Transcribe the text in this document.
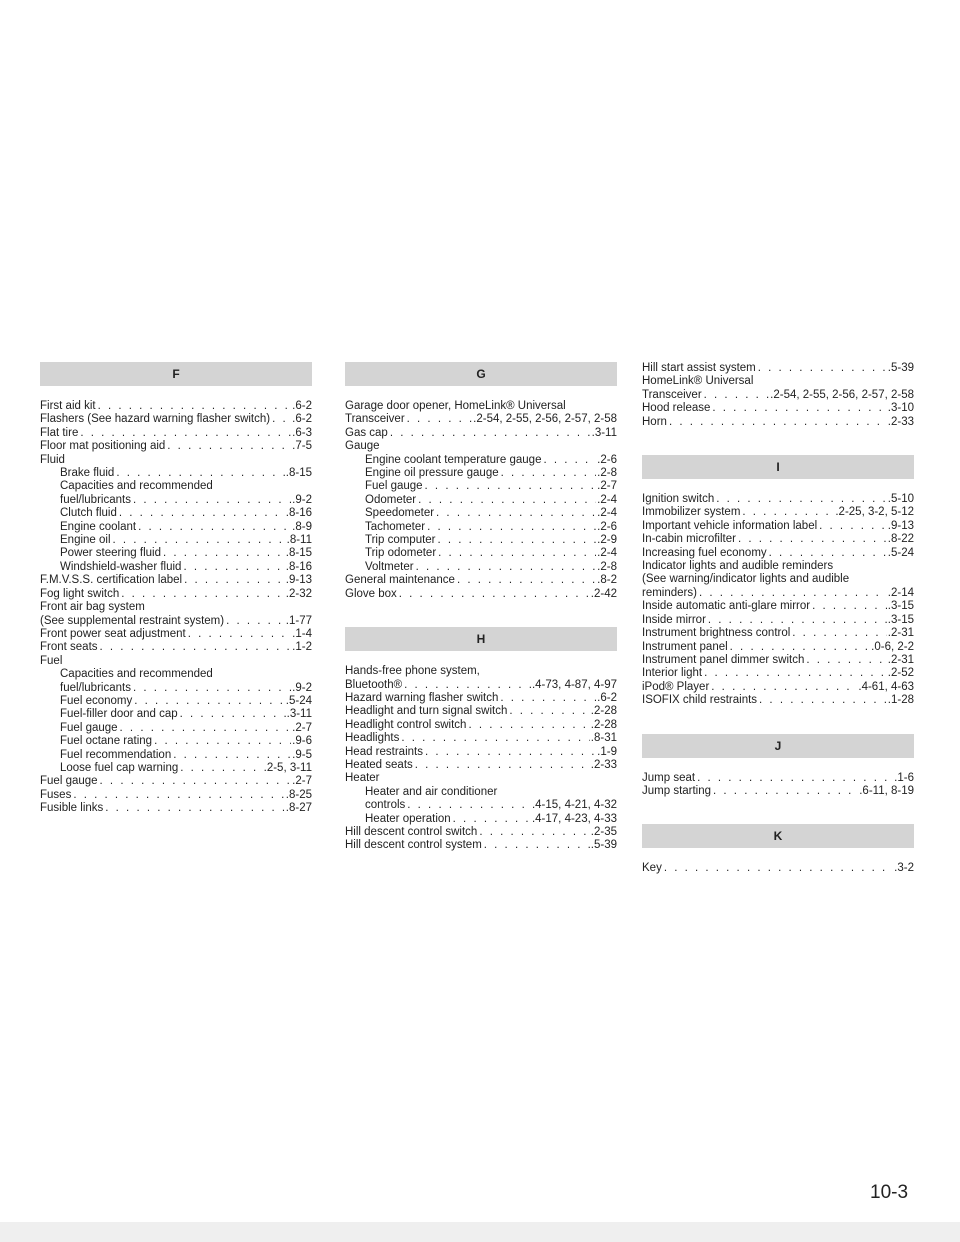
F
First aid kit . . .	.6-2
Flashers (See hazard warning flasher switch) . . . .6-2
Flat tire . . .	.6-3
Floor mat positioning aid . . .	.7-5
Fluid
Brake fluid . . .	.8-15
Capacities and recommended
fuel/lubricants . . .	.9-2
Clutch fluid . . .	.8-16
Engine coolant . . .	.8-9
Engine oil . . .	.8-11
Power steering fluid . . .	.8-15
Windshield-washer fluid . . .	.8-16
F.M.V.S.S. certification label . . .	.9-13
Fog light switch . . .	.2-32
Front air bag system
(See supplemental restraint system) . . .	.1-77
Front power seat adjustment . . .	.1-4
Front seats . . .	.1-2
Fuel
Capacities and recommended
fuel/lubricants . . .	.9-2
Fuel economy . . .	.5-24
Fuel-filler door and cap . . .	.3-11
Fuel gauge . . .	.2-7
Fuel octane rating . . .	.9-6
Fuel recommendation . . .	.9-5
Loose fuel cap warning . . .	.2-5, 3-11
Fuel gauge . . .	.2-7
Fuses . . .	.8-25
Fusible links . . .	.8-27
G
Garage door opener, HomeLink® Universal
Transceiver . . .	.2-54, 2-55, 2-56, 2-57, 2-58
Gas cap . . .	.3-11
Gauge
Engine coolant temperature gauge . . .	.2-6
Engine oil pressure gauge . . .	.2-8
Fuel gauge . . .	.2-7
Odometer . . .	.2-4
Speedometer . . .	.2-4
Tachometer . . .	.2-6
Trip computer . . .	.2-9
Trip odometer . . .	.2-4
Voltmeter . . .	.2-8
General maintenance . . .	.8-2
Glove box . . .	.2-42
H
Hands-free phone system,
Bluetooth® . . .	.4-73, 4-87, 4-97
Hazard warning flasher switch . . .	.6-2
Headlight and turn signal switch . . .	.2-28
Headlight control switch . . .	.2-28
Headlights . . .	.8-31
Head restraints . . .	.1-9
Heated seats . . .	.2-33
Heater
Heater and air conditioner
controls . . .	.4-15, 4-21, 4-32
Heater operation . . .	.4-17, 4-23, 4-33
Hill descent control switch . . .	.2-35
Hill descent control system . . .	.5-39
Hill start assist system . . .	.5-39
HomeLink® Universal
Transceiver . . .	.2-54, 2-55, 2-56, 2-57, 2-58
Hood release . . .	.3-10
Horn . . .	.2-33
I
Ignition switch . . .	.5-10
Immobilizer system . . .	.2-25, 3-2, 5-12
Important vehicle information label . . .	.9-13
In-cabin microfilter . . .	.8-22
Increasing fuel economy . . .	.5-24
Indicator lights and audible reminders
(See warning/indicator lights and audible
reminders) . . .	.2-14
Inside automatic anti-glare mirror . . .	.3-15
Inside mirror . . .	.3-15
Instrument brightness control . . .	.2-31
Instrument panel . . .	.0-6, 2-2
Instrument panel dimmer switch . . .	.2-31
Interior light . . .	.2-52
iPod® Player . . .	.4-61, 4-63
ISOFIX child restraints . . .	.1-28
J
Jump seat . . .	.1-6
Jump starting . . .	.6-11, 8-19
K
Key . . .	.3-2
10-3
